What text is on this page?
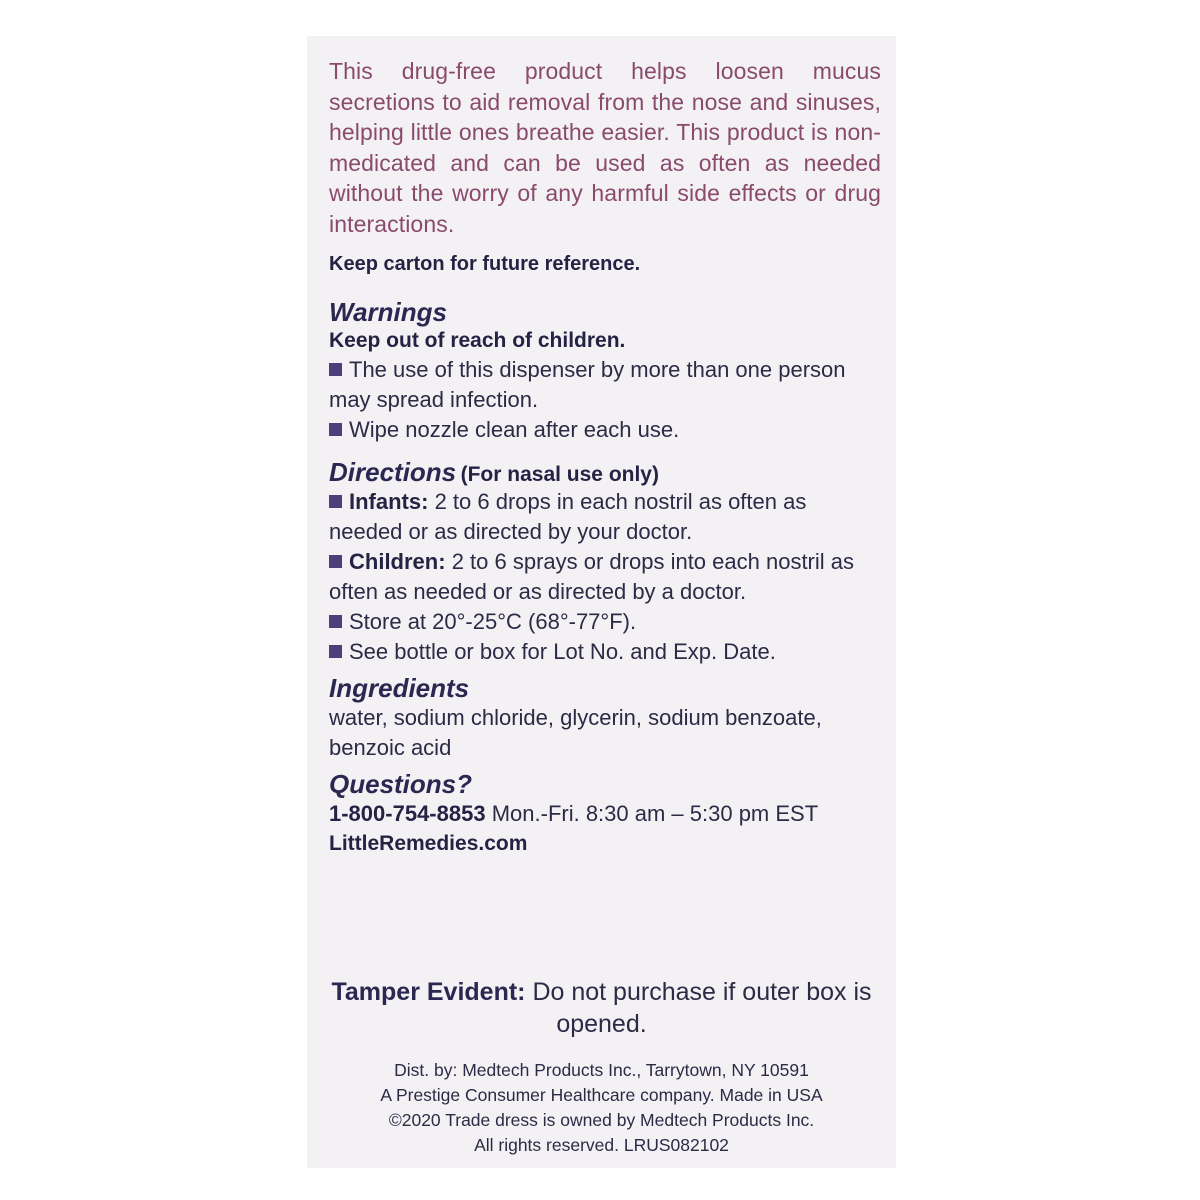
This drug-free product helps loosen mucus secretions to aid removal from the nose and sinuses, helping little ones breathe easier. This product is non-medicated and can be used as often as needed without the worry of any harmful side effects or drug interactions.

Keep carton for future reference.
Warnings
Keep out of reach of children.
The use of this dispenser by more than one person may spread infection.
Wipe nozzle clean after each use.
Directions (For nasal use only)
Infants: 2 to 6 drops in each nostril as often as needed or as directed by your doctor.
Children: 2 to 6 sprays or drops into each nostril as often as needed or as directed by a doctor.
Store at 20°-25°C (68°-77°F).
See bottle or box for Lot No. and Exp. Date.
Ingredients
water, sodium chloride, glycerin, sodium benzoate, benzoic acid
Questions?
1-800-754-8853 Mon.-Fri. 8:30 am – 5:30 pm EST
LittleRemedies.com
Tamper Evident: Do not purchase if outer box is opened.
Dist. by: Medtech Products Inc., Tarrytown, NY 10591
A Prestige Consumer Healthcare company. Made in USA
©2020 Trade dress is owned by Medtech Products Inc.
All rights reserved. LRUS082102
